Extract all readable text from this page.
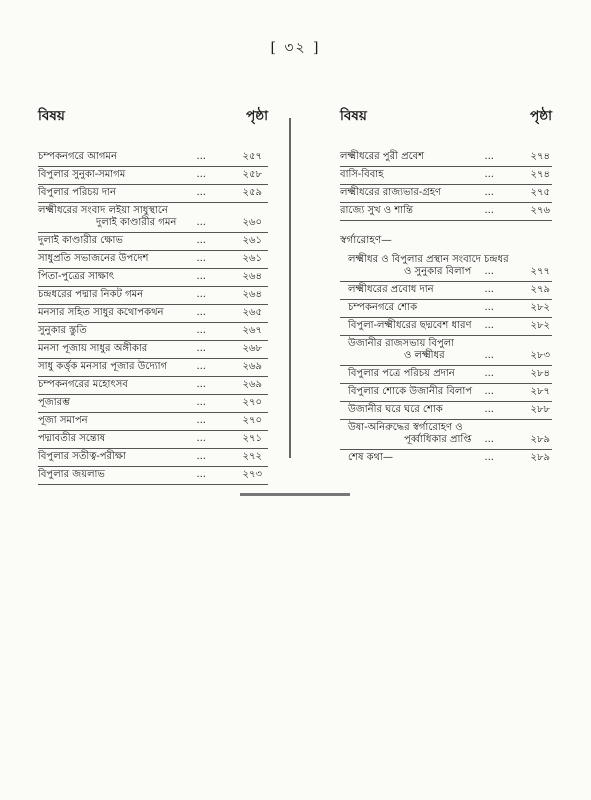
[ ৩২ ]
বিষয়	পৃষ্ঠা
চম্পকনগরে আগমন	...	২৫৭
বিপুলার সুনুকা-সমাগম	...	২৫৮
বিপুলার পরিচয় দান	...	২৫৯
লক্ষ্মীধরের সংবাদ লইয়া সাধুস্থানে
দুলাই কাণ্ডারীর গমন	...	২৬০
দুলাই কাণ্ডারীর ক্ষোভ	...	২৬১
সাধুপ্রতি সভাজনের উপদেশ	...	২৬১
পিতা-পুত্রের সাক্ষাৎ	...	২৬৪
চন্দ্রধরের পদ্মার নিকট গমন	...	২৬৪
মনসার সহিত সাধুর কথোপকথন	...	২৬৫
সুনুকার স্তুতি	...	২৬৭
মনসা পূজায় সাধুর অঙ্গীকার	...	২৬৮
সাধু কর্ত্তৃক মনসার পূজার উদ্যোগ	...	২৬৯
চম্পকনগরের মহোৎসব	...	২৬৯
পূজারম্ভ	...	২৭০
পূজা সমাপন	...	২৭০
পদ্মাবতীর সন্তোষ	...	২৭১
বিপুলার সতীত্ব-পরীক্ষা	...	২৭২
বিপুলার জয়লাভ	...	২৭৩
বিষয়	পৃষ্ঠা
লক্ষ্মীধরের পুরী প্রবেশ	...	২৭৪
বাসি-বিবাহ	...	২৭৪
লক্ষ্মীধরের রাজ্যভার-গ্রহণ	...	২৭৫
রাজ্যে সুখ ও শান্তি	...	২৭৬
স্বর্গারোহণ—
লক্ষ্মীধর ও বিপুলার প্রস্থান সংবাদে চন্দ্রধর
ও সুনুকার বিলাপ	...	২৭৭
লক্ষ্মীধরের প্রবোধ দান	...	২৭৯
চম্পকনগরে শোক	...	২৮২
বিপুলা-লক্ষ্মীধরের ছদ্মবেশ ধারণ	...	২৮২
উজানীর রাজসভায় বিপুলা
ও লক্ষ্মীধর	...	২৮৩
বিপুলার পত্রে পরিচয় প্রদান	...	২৮৪
বিপুলার শোকে উজানীর বিলাপ	...	২৮৭
উজানীর ঘরে ঘরে শোক	...	২৮৮
উষা-অনিরুদ্ধের স্বর্গারোহণ ও
পূর্ব্বাধিকার প্রাপ্তি	...	২৮৯
শেষ কথা—	...	২৮৯
